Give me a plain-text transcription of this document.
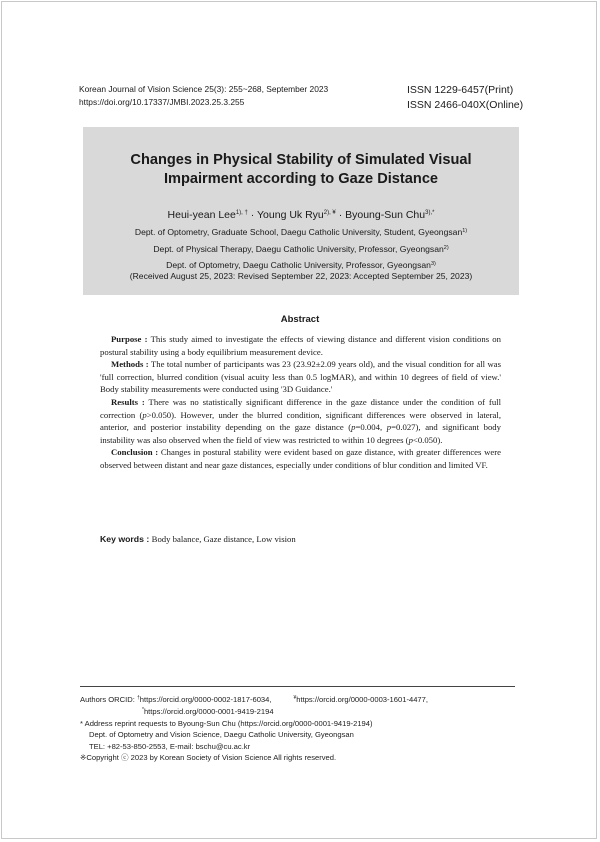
Korean Journal of Vision Science 25(3): 255~268, September 2023
https://doi.org/10.17337/JMBI.2023.25.3.255
ISSN 1229-6457(Print)
ISSN 2466-040X(Online)
Changes in Physical Stability of Simulated Visual
Impairment according to Gaze Distance
Heui-yean Lee$^{1), \dagger}$ · Young Uk Ryu$^{2), ¥}$ · Byoung-Sun Chu$^{3),*}$
Dept. of Optometry, Graduate School, Daegu Catholic University, Student, Gyeongsan$^{1)}$
Dept. of Physical Therapy, Daegu Catholic University, Professor, Gyeongsan$^{2)}$
Dept. of Optometry, Daegu Catholic University, Professor, Gyeongsan$^{3)}$
(Received August 25, 2023: Revised September 22, 2023: Accepted September 25, 2023)
Abstract

Purpose : This study aimed to investigate the effects of viewing distance and different vision conditions on postural stability using a body equilibrium measurement device.

Methods : The total number of participants was 23 (23.92±2.09 years old), and the visual condition for all was 'full correction, blurred condition (visual acuity less than 0.5 logMAR), and within 10 degrees of field of view.' Body stability measurements were conducted using '3D Guidance.'

Results : There was no statistically significant difference in the gaze distance under the condition of full correction (p>0.050). However, under the blurred condition, significant differences were observed in lateral, anterior, and posterior instability depending on the gaze distance (p=0.004, p=0.027), and significant body instability was also observed when the field of view was restricted to within 10 degrees (p<0.050).

Conclusion : Changes in postural stability were evident based on gaze distance, with greater differences were observed between distant and near gaze distances, especially under conditions of blur condition and limited VF.

Key words : Body balance, Gaze distance, Low vision
Authors ORCID: †https://orcid.org/0000-0002-1817-6034,	¥https://orcid.org/0000-0003-1601-4477,
*https://orcid.org/0000-0001-9419-2194
* Address reprint requests to Byoung-Sun Chu (https://orcid.org/0000-0001-9419-2194)
Dept. of Optometry and Vision Science, Daegu Catholic University, Gyeongsan
TEL: +82-53-850-2553, E-mail: bschu@cu.ac.kr
※Copyright ⓒ 2023 by Korean Society of Vision Science All rights reserved.
